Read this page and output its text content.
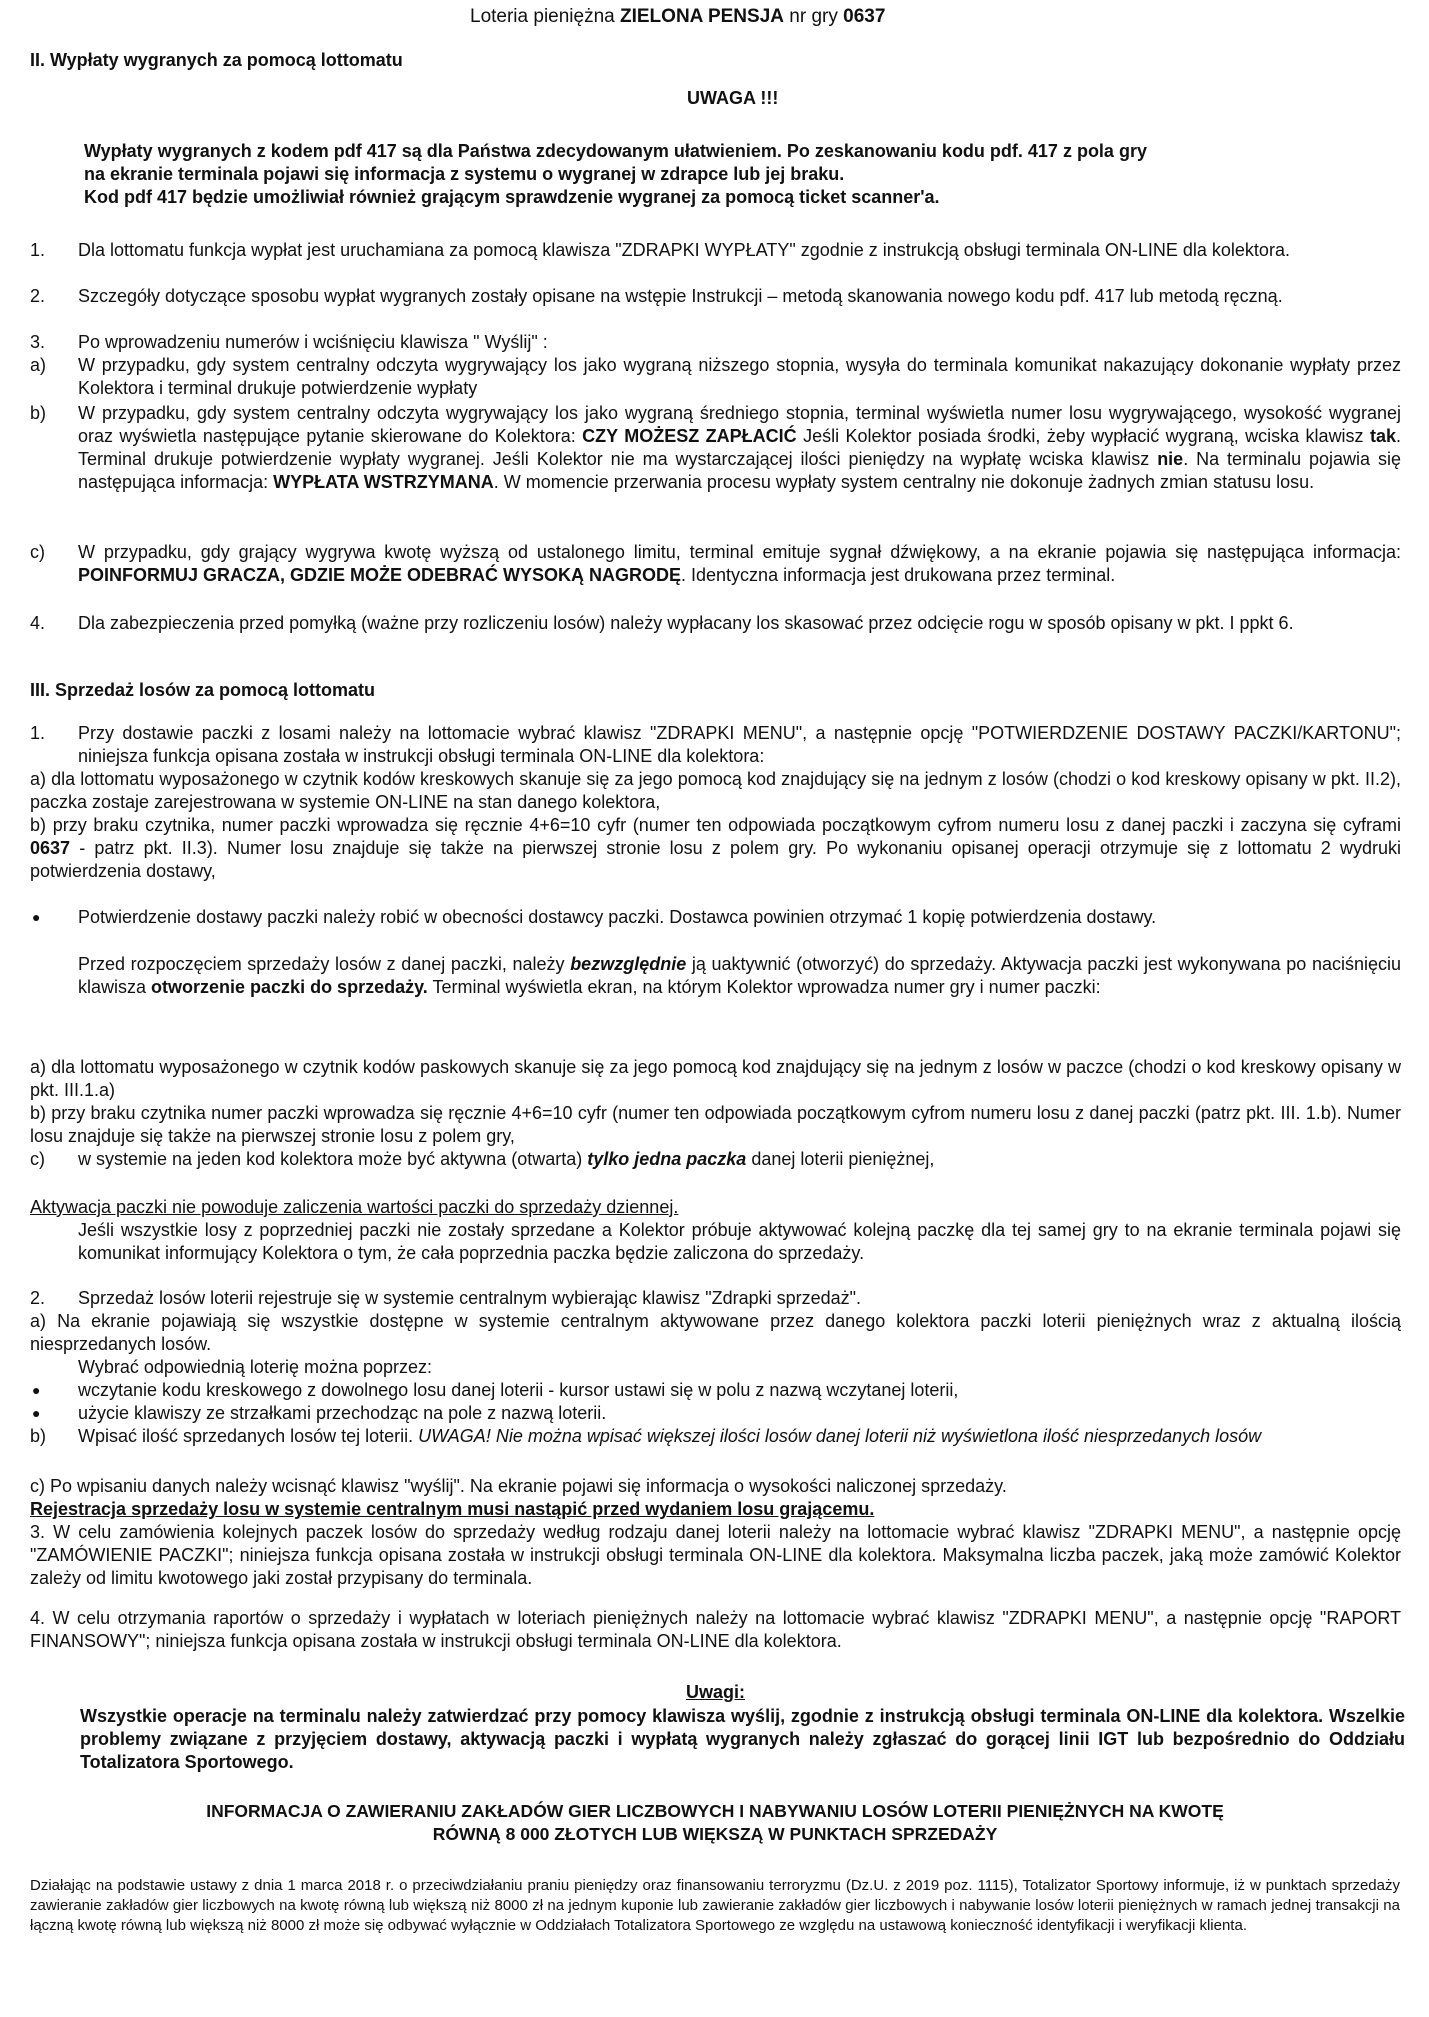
Loteria pieniężna ZIELONA PENSJA nr gry 0637
II. Wypłaty wygranych za pomocą lottomatu
UWAGA !!!
Wypłaty wygranych z kodem pdf 417 są dla Państwa zdecydowanym ułatwieniem. Po zeskanowaniu kodu pdf. 417 z pola gry
na ekranie terminala pojawi się informacja z systemu o wygranej w zdrapce lub jej braku.
Kod pdf 417 będzie umożliwiał również grającym sprawdzenie wygranej za pomocą ticket scanner'a.
1.	Dla lottomatu funkcja wypłat jest uruchamiana za pomocą klawisza "ZDRAPKI WYPŁATY" zgodnie z instrukcją obsługi terminala ON-LINE dla kolektora.
2.	Szczegóły dotyczące sposobu wypłat wygranych zostały opisane na wstępie Instrukcji – metodą skanowania nowego kodu pdf. 417 lub metodą ręczną.
3.	Po wprowadzeniu numerów i wciśnięciu klawisza " Wyślij" :
a)	W przypadku, gdy system centralny odczyta wygrywający los jako wygraną niższego stopnia, wysyła do terminala komunikat nakazujący dokonanie wypłaty przez Kolektora i terminal drukuje potwierdzenie wypłaty
b)	W przypadku, gdy system centralny odczyta wygrywający los jako wygraną średniego stopnia, terminal wyświetla numer losu wygrywającego, wysokość wygranej oraz wyświetla następujące pytanie skierowane do Kolektora: CZY MOŻESZ ZAPŁACIĆ Jeśli Kolektor posiada środki, żeby wypłacić wygraną, wciska klawisz tak. Terminal drukuje potwierdzenie wypłaty wygranej. Jeśli Kolektor nie ma wystarczającej ilości pieniędzy na wypłatę wciska klawisz nie. Na terminalu pojawia się następująca informacja: WYPŁATA WSTRZYMANA. W momencie przerwania procesu wypłaty system centralny nie dokonuje żadnych zmian statusu losu.
c)	W przypadku, gdy grający wygrywa kwotę wyższą od ustalonego limitu, terminal emituje sygnał dźwiękowy, a na ekranie pojawia się następująca informacja: POINFORMUJ GRACZA, GDZIE MOŻE ODEBRAĆ WYSOKĄ NAGRODĘ. Identyczna informacja jest drukowana przez terminal.
4.	Dla zabezpieczenia przed pomyłką (ważne przy rozliczeniu losów) należy wypłacany los skasować przez odcięcie rogu w sposób opisany w pkt. I ppkt 6.
III. Sprzedaż losów za pomocą lottomatu
1.	Przy dostawie paczki z losami należy na lottomacie wybrać klawisz "ZDRAPKI MENU", a następnie opcję "POTWIERDZENIE DOSTAWY PACZKI/KARTONU"; niniejsza funkcja opisana została w instrukcji obsługi terminala ON-LINE dla kolektora:
a) dla lottomatu wyposażonego w czytnik kodów kreskowych skanuje się za jego pomocą kod znajdujący się na jednym z losów (chodzi o kod kreskowy opisany w pkt. II.2), paczka zostaje zarejestrowana w systemie ON-LINE na stan danego kolektora,
b) przy braku czytnika, numer paczki wprowadza się ręcznie 4+6=10 cyfr (numer ten odpowiada początkowym cyfrom numeru losu z danej paczki i zaczyna się cyframi 0637 - patrz pkt. II.3). Numer losu znajduje się także na pierwszej stronie losu z polem gry. Po wykonaniu opisanej operacji otrzymuje się z lottomatu 2 wydruki potwierdzenia dostawy,
●	Potwierdzenie dostawy paczki należy robić w obecności dostawcy paczki. Dostawca powinien otrzymać 1 kopię potwierdzenia dostawy.
Przed rozpoczęciem sprzedaży losów z danej paczki, należy bezwzględnie ją uaktywnić (otworzyć) do sprzedaży. Aktywacja paczki jest wykonywana po naciśnięciu klawisza otworzenie paczki do sprzedaży. Terminal wyświetla ekran, na którym Kolektor wprowadza numer gry i numer paczki:
a) dla lottomatu wyposażonego w czytnik kodów paskowych skanuje się za jego pomocą kod znajdujący się na jednym z losów w paczce (chodzi o kod kreskowy opisany w pkt. III.1.a)
b) przy braku czytnika numer paczki wprowadza się ręcznie 4+6=10 cyfr (numer ten odpowiada początkowym cyfrom numeru losu z danej paczki (patrz pkt. III. 1.b). Numer losu znajduje się także na pierwszej stronie losu z polem gry,
c)	w systemie na jeden kod kolektora może być aktywna (otwarta) tylko jedna paczka danej loterii pieniężnej,
Aktywacja paczki nie powoduje zaliczenia wartości paczki do sprzedaży dziennej.
Jeśli wszystkie losy z poprzedniej paczki nie zostały sprzedane a Kolektor próbuje aktywować kolejną paczkę dla tej samej gry to na ekranie terminala pojawi się komunikat informujący Kolektora o tym, że cała poprzednia paczka będzie zaliczona do sprzedaży.
2.	Sprzedaż losów loterii rejestruje się w systemie centralnym wybierając klawisz "Zdrapki sprzedaż".
a) Na ekranie pojawiają się wszystkie dostępne w systemie centralnym aktywowane przez danego kolektora paczki loterii pieniężnych wraz z aktualną ilością niesprzedanych losów.
Wybrać odpowiednią loterię można poprzez:
●	wczytanie kodu kreskowego z dowolnego losu danej loterii - kursor ustawi się w polu z nazwą wczytanej loterii,
●	użycie klawiszy ze strzałkami przechodząc na pole z nazwą loterii.
b)	Wpisać ilość sprzedanych losów tej loterii. UWAGA! Nie można wpisać większej ilości losów danej loterii niż wyświetlona ilość niesprzedanych losów
c) Po wpisaniu danych należy wcisnąć klawisz "wyślij". Na ekranie pojawi się informacja o wysokości naliczonej sprzedaży.
Rejestracja sprzedaży losu w systemie centralnym musi nastąpić przed wydaniem losu grającemu.
3. W celu zamówienia kolejnych paczek losów do sprzedaży według rodzaju danej loterii należy na lottomacie wybrać klawisz "ZDRAPKI MENU", a następnie opcję "ZAMÓWIENIE PACZKI"; niniejsza funkcja opisana została w instrukcji obsługi terminala ON-LINE dla kolektora. Maksymalna liczba paczek, jaką może zamówić Kolektor zależy od limitu kwotowego jaki został przypisany do terminala.
4. W celu otrzymania raportów o sprzedaży i wypłatach w loteriach pieniężnych należy na lottomacie wybrać klawisz "ZDRAPKI MENU", a następnie opcję "RAPORT FINANSOWY"; niniejsza funkcja opisana została w instrukcji obsługi terminala ON-LINE dla kolektora.
Uwagi:
Wszystkie operacje na terminalu należy zatwierdzać przy pomocy klawisza wyślij, zgodnie z instrukcją obsługi terminala ON-LINE dla kolektora. Wszelkie problemy związane z przyjęciem dostawy, aktywacją paczki i wypłatą wygranych należy zgłaszać do gorącej linii IGT lub bezpośrednio do Oddziału Totalizatora Sportowego.
INFORMACJA O ZAWIERANIU ZAKŁADÓW GIER LICZBOWYCH I NABYWANIU LOSÓW LOTERII PIENIĘŻNYCH NA KWOTĘ
RÓWNĄ 8 000 ZŁOTYCH LUB WIĘKSZĄ W PUNKTACH SPRZEDAŻY
Działając na podstawie ustawy z dnia 1 marca 2018 r. o przeciwdziałaniu praniu pieniędzy oraz finansowaniu terroryzmu (Dz.U. z 2019 poz. 1115), Totalizator Sportowy informuje, iż w punktach sprzedaży zawieranie zakładów gier liczbowych na kwotę równą lub większą niż 8000 zł na jednym kuponie lub zawieranie zakładów gier liczbowych i nabywanie losów loterii pieniężnych w ramach jednej transakcji na łączną kwotę równą lub większą niż 8000 zł może się odbywać wyłącznie w Oddziałach Totalizatora Sportowego ze względu na ustawową konieczność identyfikacji i weryfikacji klienta.
